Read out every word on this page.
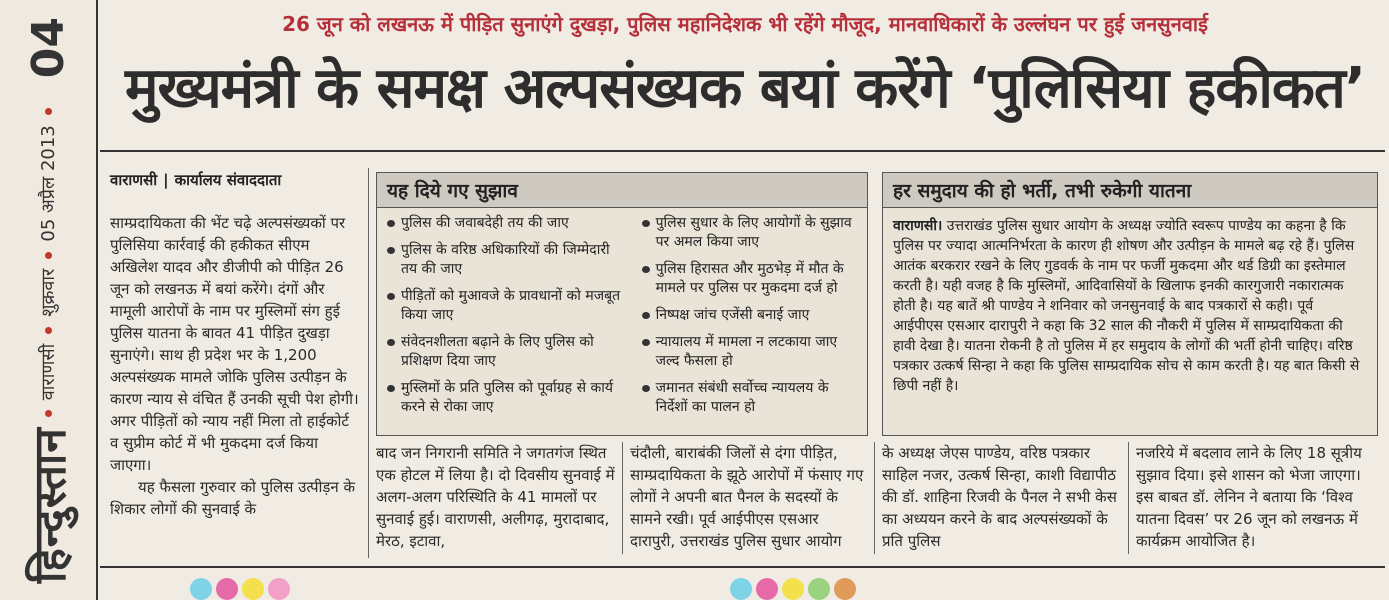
हिन्दुस्तान
वाराणसी
शुक्रवार
05 अप्रैल 2013
04	26 जून को लखनऊ में पीड़ित सुनाएंगे दुखड़ा, पुलिस महानिदेशक भी रहेंगे मौजूद, मानवाधिकारों के उल्लंघन पर हुई जनसुनवाई
मुख्यमंत्री के समक्ष अल्पसंख्यक बयां करेंगे ‘पुलिसिया हकीकत’
वाराणसी | कार्यालय संवाददाता
साम्प्रदायिकता की भेंट चढ़े अल्पसंख्यकों पर पुलिसिया कार्रवाई की हकीकत सीएम अखिलेश यादव और डीजीपी को पीड़ित 26 जून को लखनऊ में बयां करेंगे। दंगों और मामूली आरोपों के नाम पर मुस्लिमों संग हुई पुलिस यातना के बावत 41 पीड़ित दुखड़ा सुनाएंगे। साथ ही प्रदेश भर के 1,200 अल्पसंख्यक मामले जोकि पुलिस उत्पीड़न के कारण न्याय से वंचित हैं उनकी सूची पेश होगी। अगर पीड़ितों को न्याय नहीं मिला तो हाईकोर्ट व सुप्रीम कोर्ट में भी मुकदमा दर्ज किया जाएगा।
यह फैसला गुरुवार को पुलिस उत्पीड़न के शिकार लोगों की सुनवाई के
यह दिये गए सुझाव
पुलिस की जवाबदेही तय की जाए
पुलिस के वरिष्ठ अधिकारियों की जिम्मेदारी तय की जाए
पीड़ितों को मुआवजे के प्रावधानों को मजबूत किया जाए
संवेदनशीलता बढ़ाने के लिए पुलिस को प्रशिक्षण दिया जाए
मुस्लिमों के प्रति पुलिस को पूर्वाग्रह से कार्य करने से रोका जाए
पुलिस सुधार के लिए आयोगों के सुझाव पर अमल किया जाए
पुलिस हिरासत और मुठभेड़ में मौत के मामले पर पुलिस पर मुकदमा दर्ज हो
निष्पक्ष जांच एजेंसी बनाई जाए
न्यायालय में मामला न लटकाया जाए जल्द फैसला हो
जमानत संबंधी सर्वोच्च न्यायलय के निर्देशों का पालन हो
हर समुदाय की हो भर्ती, तभी रुकेगी यातना

वाराणसी। उत्तराखंड पुलिस सुधार आयोग के अध्यक्ष ज्योति स्वरूप पाण्डेय का कहना है कि पुलिस पर ज्यादा आत्मनिर्भरता के कारण ही शोषण और उत्पीड़न के मामले बढ़ रहे हैं। पुलिस आतंक बरकरार रखने के लिए गुडवर्क के नाम पर फर्जी मुकदमा और थर्ड डिग्री का इस्तेमाल करती है। यही वजह है कि मुस्लिमों, आदिवासियों के खिलाफ इनकी कारगुजारी नकारात्मक होती है। यह बातें श्री पाण्डेय ने शनिवार को जनसुनवाई के बाद पत्रकारों से कही। पूर्व आईपीएस एसआर दारापुरी ने कहा कि 32 साल की नौकरी में पुलिस में साम्प्रदायिकता की हावी देखा है। यातना रोकनी है तो पुलिस में हर समुदाय के लोगों की भर्ती होनी चाहिए। वरिष्ठ पत्रकार उत्कर्ष सिन्हा ने कहा कि पुलिस साम्प्रदायिक सोच से काम करती है। यह बात किसी से छिपी नहीं है।

बाद जन निगरानी समिति ने जगतगंज स्थित एक होटल में लिया है। दो दिवसीय सुनवाई में अलग-अलग परिस्थिति के 41 मामलों पर सुनवाई हुई। वाराणसी, अलीगढ़, मुरादाबाद, मेरठ, इटावा,
चंदौली, बाराबंकी जिलों से दंगा पीड़ित, साम्प्रदायिकता के झूठे आरोपों में फंसाए गए लोगों ने अपनी बात पैनल के सदस्यों के सामने रखी। पूर्व आईपीएस एसआर दारापुरी, उत्तराखंड पुलिस सुधार आयोग
के अध्यक्ष जेएस पाण्डेय, वरिष्ठ पत्रकार साहिल नजर, उत्कर्ष सिन्हा, काशी विद्यापीठ की डॉ. शाहिना रिजवी के पैनल ने सभी केस का अध्ययन करने के बाद अल्पसंख्यकों के प्रति पुलिस
नजरिये में बदलाव लाने के लिए 18 सूत्रीय सुझाव दिया। इसे शासन को भेजा जाएगा। इस बाबत डॉ. लेनिन ने बताया कि ‘विश्व यातना दिवस’ पर 26 जून को लखनऊ में कार्यक्रम आयोजित है।
